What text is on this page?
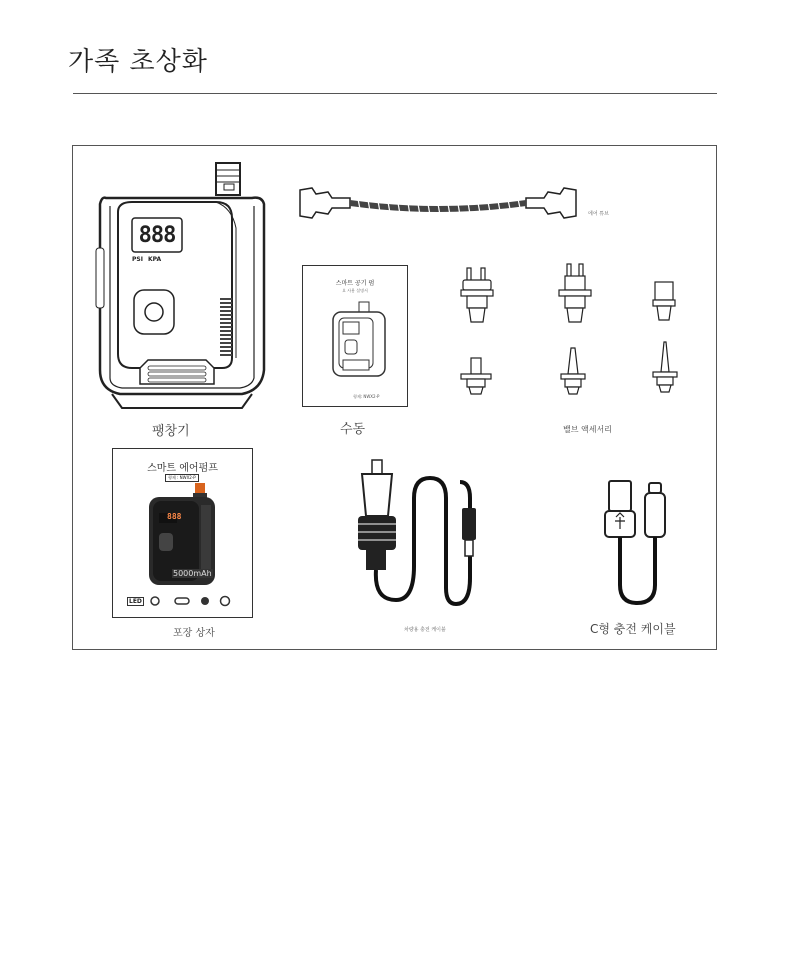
가족 초상화
888
PSI KPA
팽창기
에어 튜브
스마트 공기 펌
요 사용 설명서
형제: NWX2-P
수동	밸브 액세서리
스마트 에어펌프
형제 : NWX2-P
888
5000mAh
LED
포장 상자	차량용 충전 케이블	C형 충전 케이블
